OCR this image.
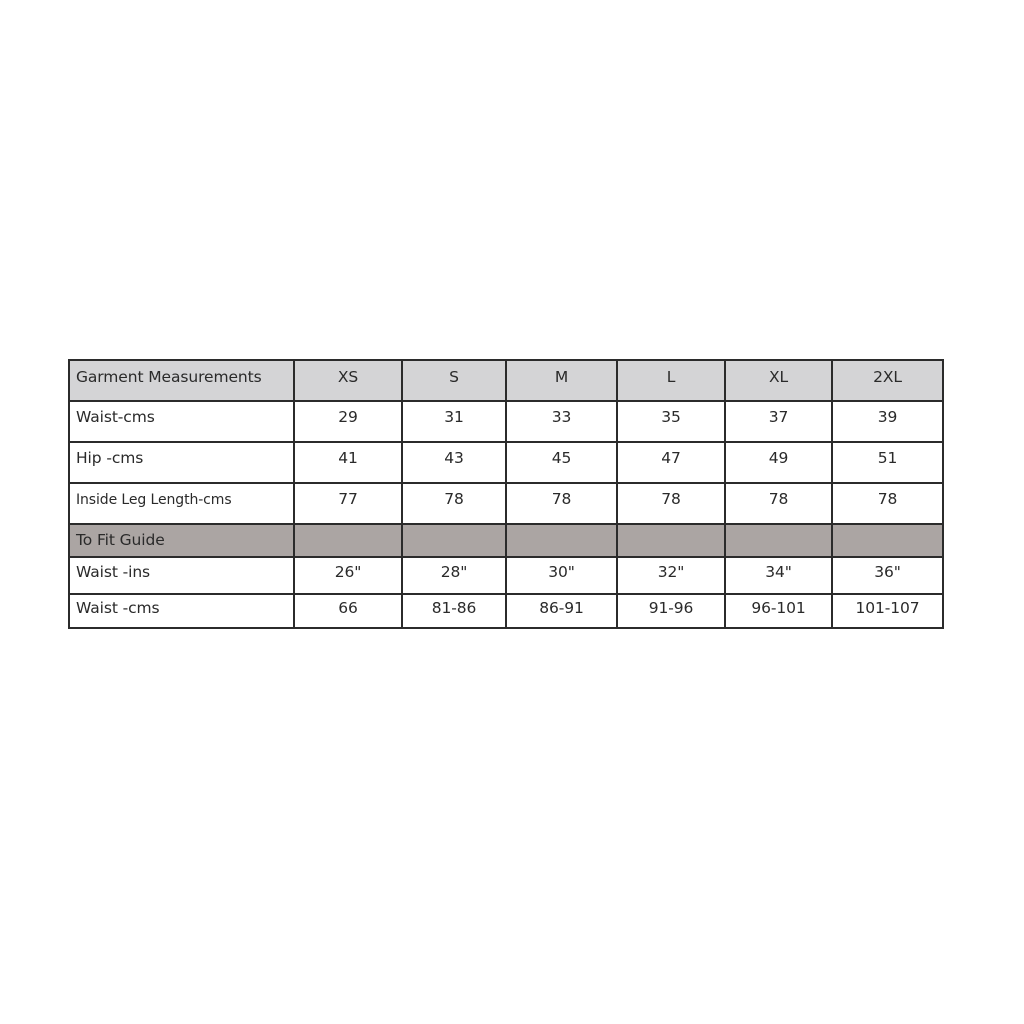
Garment Measurements	XS	S	M	L	XL	2XL
Waist-cms	29	31	33	35	37	39
Hip -cms	41	43	45	47	49	51
Inside Leg Length-cms	77	78	78	78	78	78
To Fit Guide						
Waist -ins	26"	28"	30"	32"	34"	36"
Waist -cms	66	81-86	86-91	91-96	96-101	101-107
